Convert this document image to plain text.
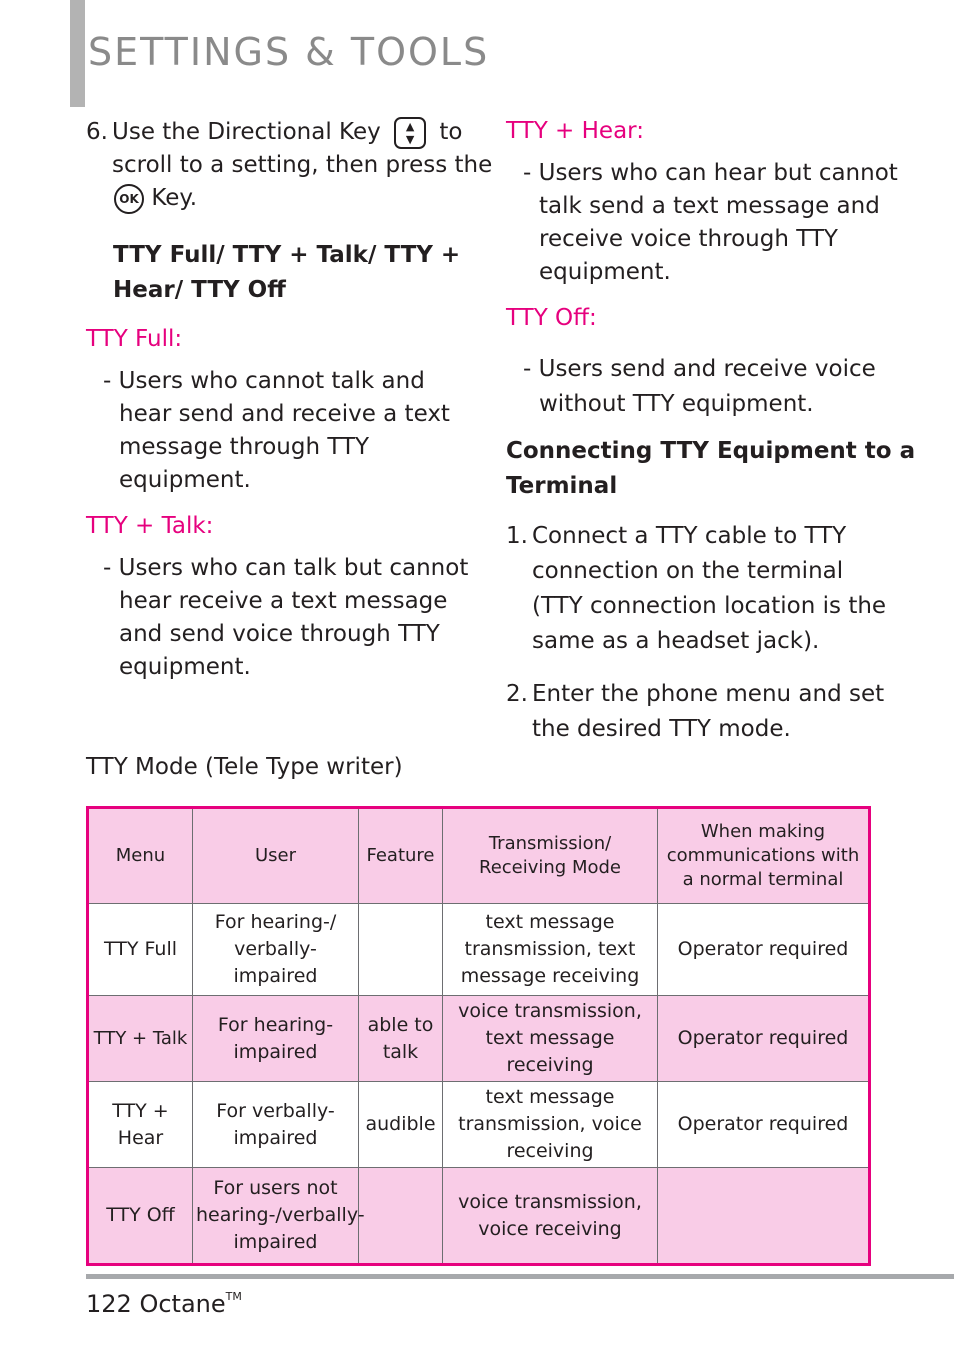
SETTINGS & TOOLS
6. Use the Directional Key	▲
▼	to
scroll to a setting, then press the
OK Key.
TTY Full/ TTY + Talk/ TTY +
Hear/ TTY Off
TTY Full:
- Users who cannot talk and
hear send and receive a text
message through TTY
equipment.
TTY + Talk:
- Users who can talk but cannot
hear receive a text message
and send voice through TTY
equipment.
TTY + Hear:
- Users who can hear but cannot
talk send a text message and
receive voice through TTY
equipment.
TTY Off:
- Users send and receive voice
without TTY equipment.
Connecting TTY Equipment to a
Terminal
1. Connect a TTY cable to TTY
connection on the terminal
(TTY connection location is the
same as a headset jack).
2. Enter the phone menu and set
the desired TTY mode.
TTY Mode (Tele Type writer)
Menu	User	Feature	Transmission/ Receiving Mode	When making communications with a normal terminal
TTY Full	For hearing-/ verbally-impaired		text message transmission, text message receiving	Operator required
TTY + Talk	For hearing-impaired	able to talk	voice transmission, text message receiving	Operator required
TTY + Hear	For verbally-impaired	audible	text message transmission, voice receiving	Operator required
TTY Off	For users not hearing-/verbally-impaired		voice transmission, voice receiving	
122 Octane™
